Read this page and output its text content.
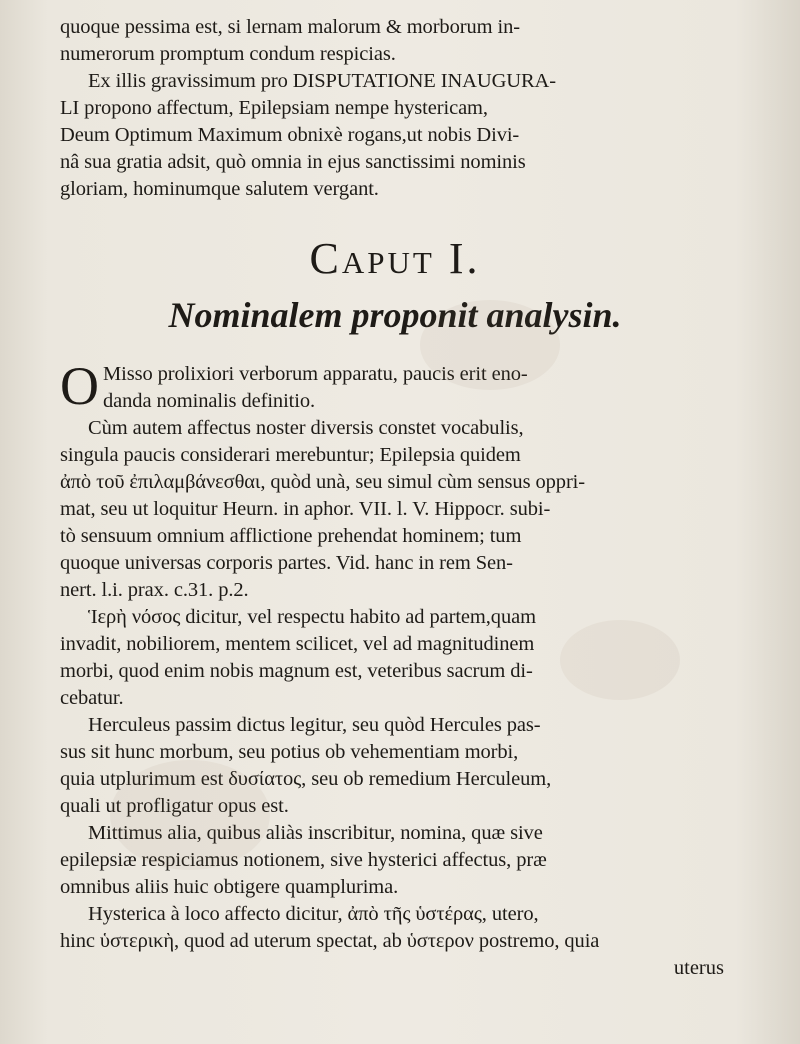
quoque pessima est, si lernam malorum & morborum in-
numerorum promptum condum respicias.
Ex illis gravissimum pro DISPUTATIONE INAUGURA-
LI propono affectum, Epilepsiam nempe hystericam,
Deum Optimum Maximum obnixè rogans,ut nobis Divi-
nâ sua gratia adsit, quò omnia in ejus sanctissimi nominis
gloriam, hominumque salutem vergant.
Caput I.
Nominalem proponit analysin.
O Misso prolixiori verborum apparatu, paucis erit eno-
danda nominalis definitio.
Cùm autem affectus noster diversis constet vocabulis,
singula paucis considerari merebuntur; Epilepsia quidem
ἀπὸ τοῦ ἐπιλαμβάνεσθαι, quòd unà, seu simul cùm sensus oppri-
mat, seu ut loquitur Heurn. in aphor. VII. l. V. Hippocr. subi-
tò sensuum omnium afflictione prehendat hominem; tum
quoque universas corporis partes. Vid. hanc in rem Sen-
nert. l.i. prax. c.31. p.2.
Ἱερὴ νόσος dicitur, vel respectu habito ad partem,quam
invadit, nobiliorem, mentem scilicet, vel ad magnitudinem
morbi, quod enim nobis magnum est, veteribus sacrum di-
cebatur.
Herculeus passim dictus legitur, seu quòd Hercules pas-
sus sit hunc morbum, seu potius ob vehementiam morbi,
quia utplurimum est δυσίατος, seu ob remedium Herculeum,
quali ut profligatur opus est.
Mittimus alia, quibus aliàs inscribitur, nomina, quæ sive
epilepsiæ respiciamus notionem, sive hysterici affectus, præ
omnibus aliis huic obtigere quamplurima.
Hysterica à loco affecto dicitur, ἀπὸ τῆς ὑστέρας, utero,
hinc ὑστερικὴ, quod ad uterum spectat, ab ὑστερον postremo, quia
uterus
